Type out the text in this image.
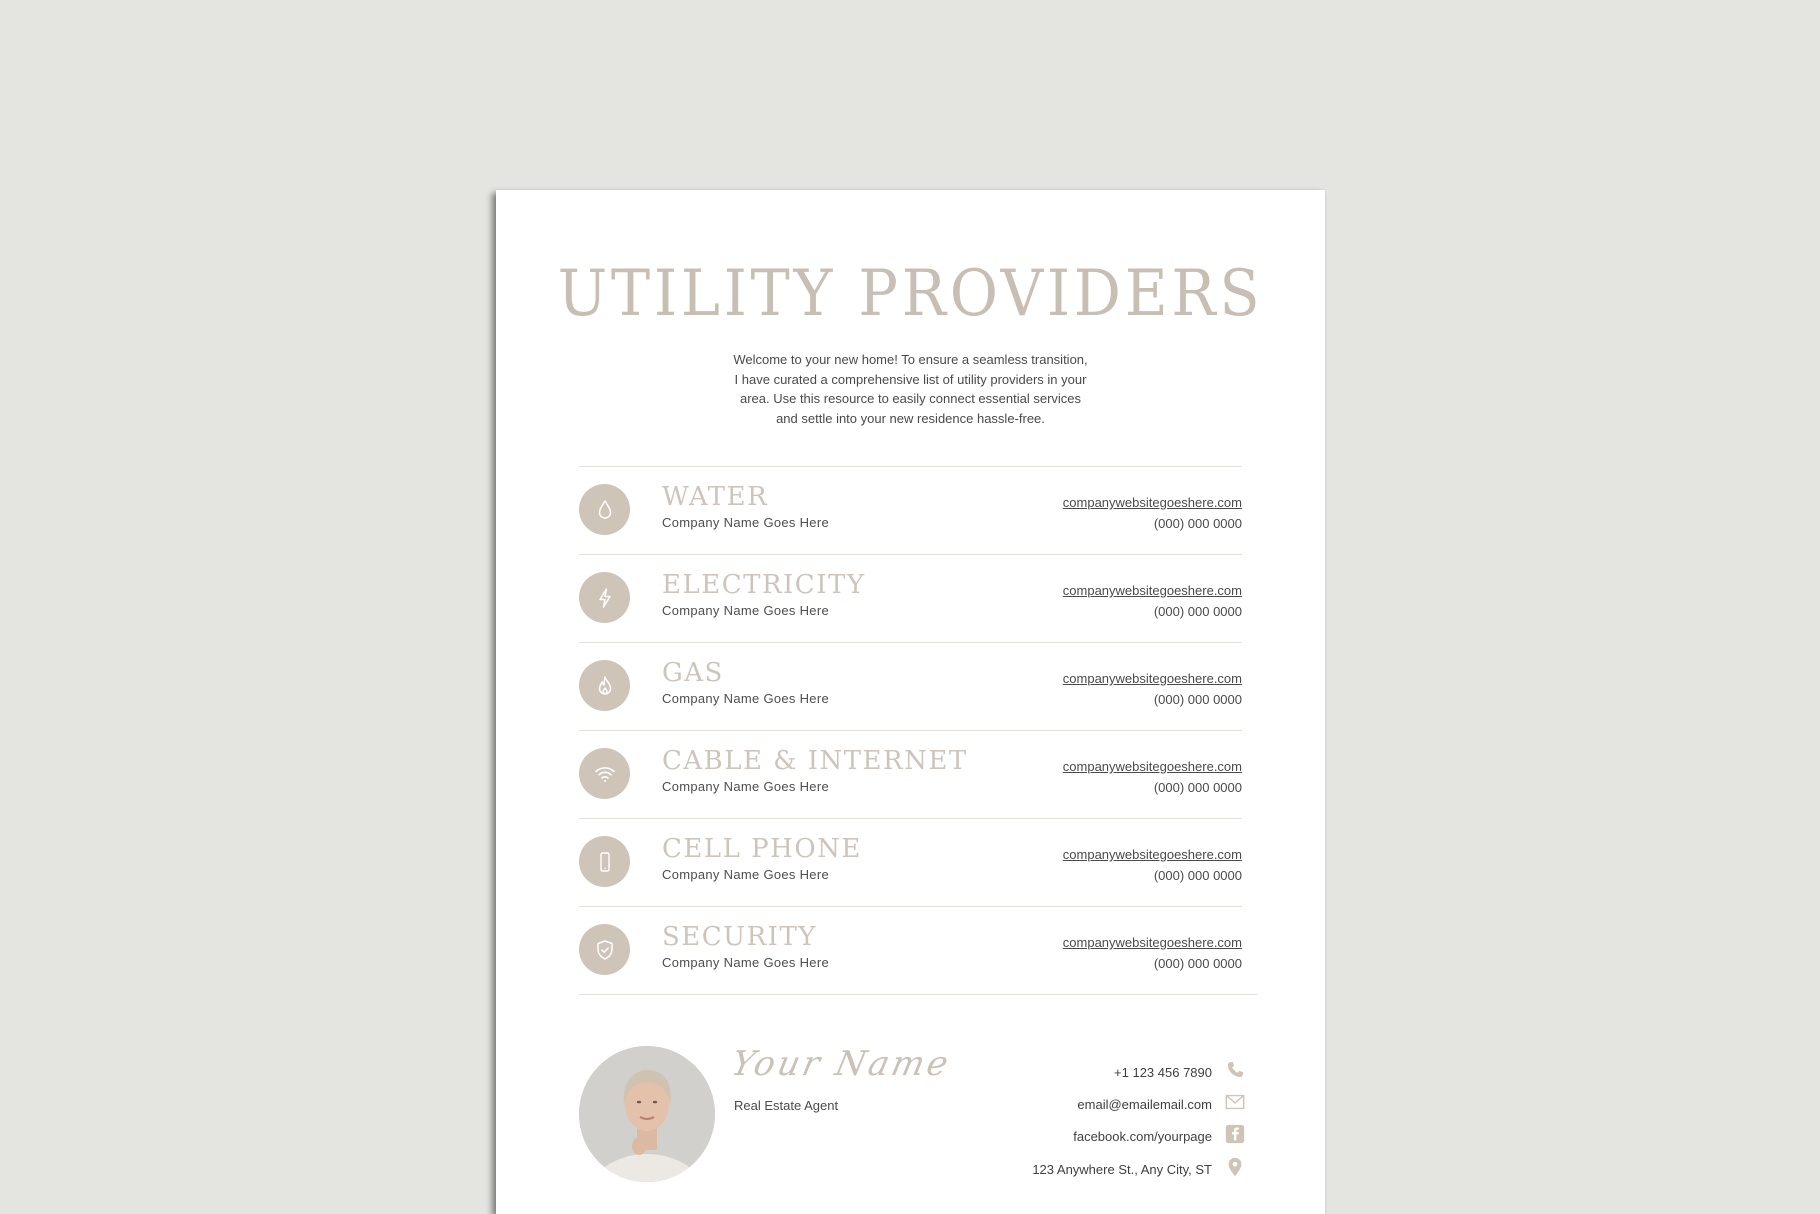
UTILITY PROVIDERS
Welcome to your new home! To ensure a seamless transition,
I have curated a comprehensive list of utility providers in your
area. Use this resource to easily connect essential services
and settle into your new residence hassle-free.
WATER
Company Name Goes Here
companywebsitegoeshere.com
(000) 000 0000
ELECTRICITY
Company Name Goes Here
companywebsitegoeshere.com
(000) 000 0000
GAS
Company Name Goes Here
companywebsitegoeshere.com
(000) 000 0000
CABLE & INTERNET
Company Name Goes Here
companywebsitegoeshere.com
(000) 000 0000
CELL PHONE
Company Name Goes Here
companywebsitegoeshere.com
(000) 000 0000
SECURITY
Company Name Goes Here
companywebsitegoeshere.com
(000) 000 0000
Your Name
Real Estate Agent
+1 123 456 7890
email@emailemail.com
facebook.com/yourpage
123 Anywhere St., Any City, ST
